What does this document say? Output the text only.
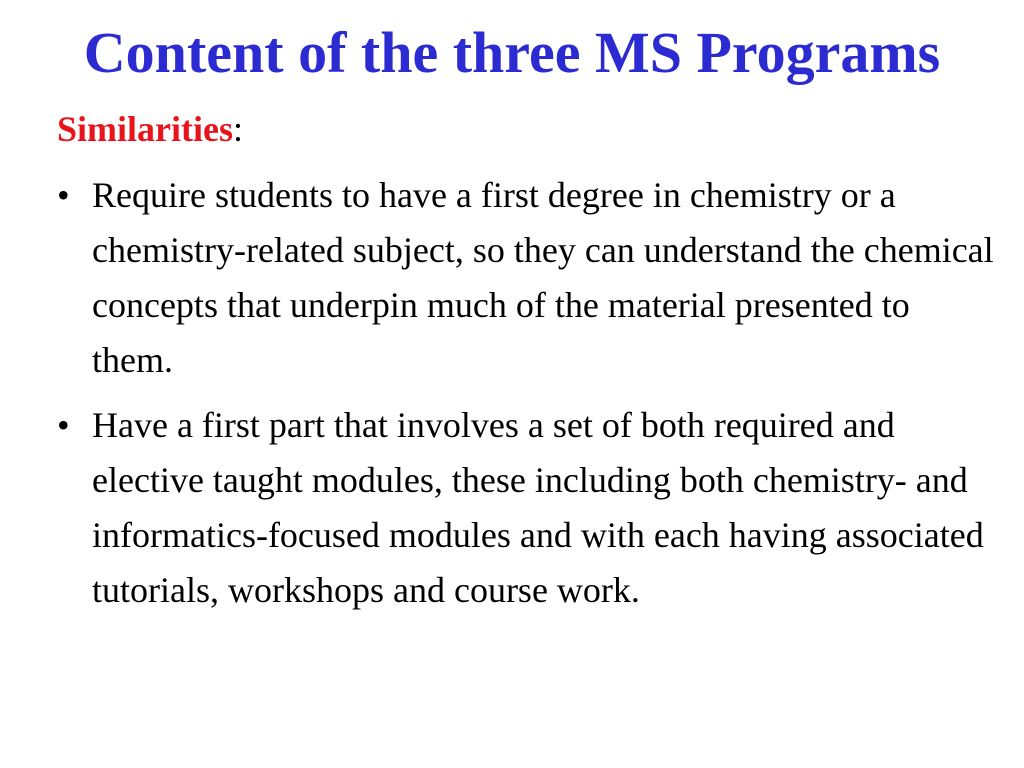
Content of the three MS Programs

Similarities:

• Require students to have a first degree in chemistry or a chemistry-related subject, so they can understand the chemical concepts that underpin much of the material presented to them.
• Have a first part that involves a set of both required and elective taught modules, these including both chemistry- and informatics-focused modules and with each having associated tutorials, workshops and course work.
